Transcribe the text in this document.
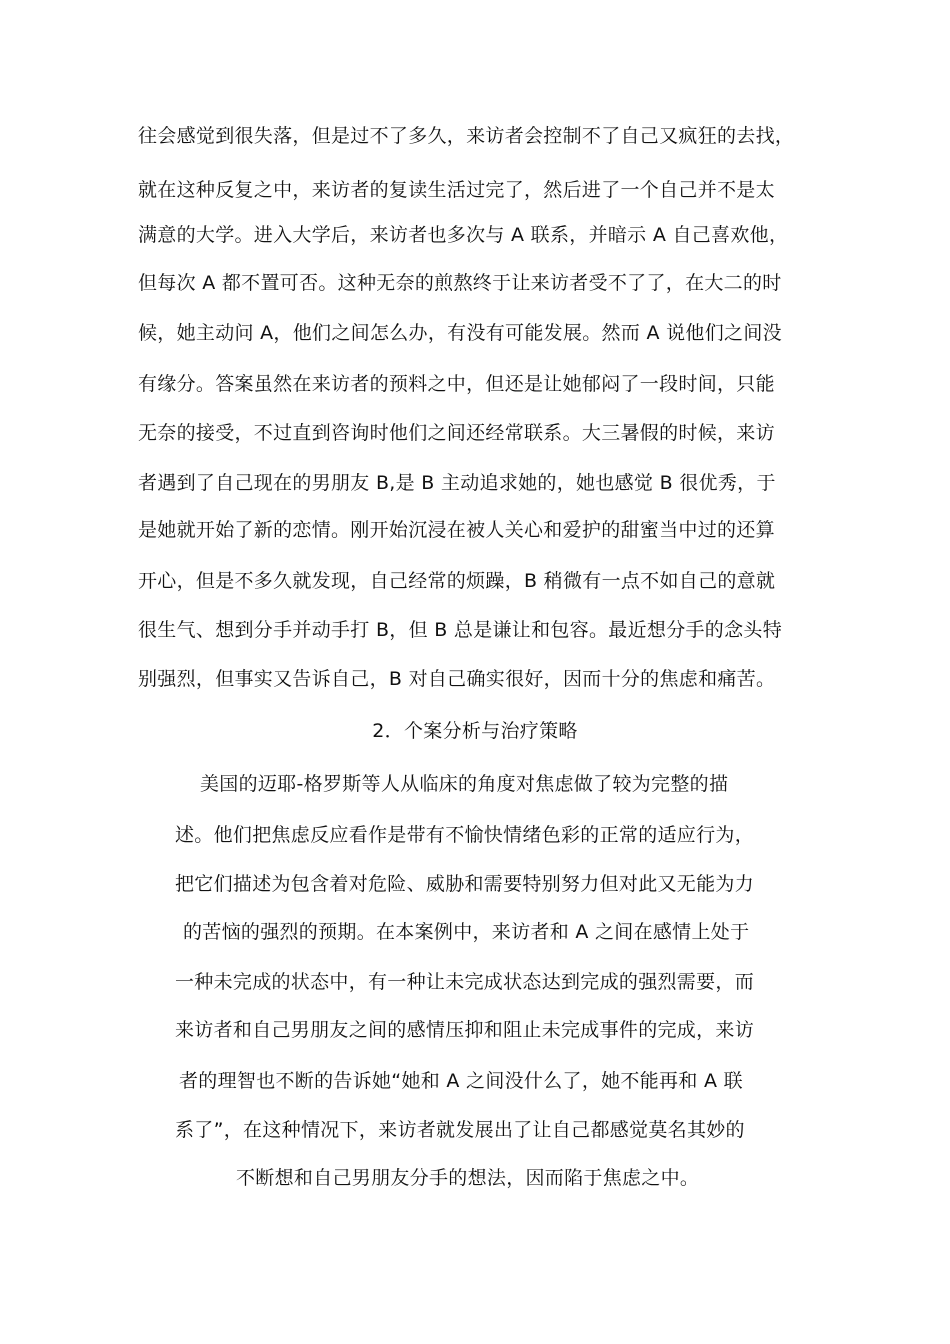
往会感觉到很失落，但是过不了多久，来访者会控制不了自己又疯狂的去找，
就在这种反复之中，来访者的复读生活过完了，然后进了一个自己并不是太
满意的大学。进入大学后，来访者也多次与 A 联系，并暗示 A 自己喜欢他，
但每次 A 都不置可否。这种无奈的煎熬终于让来访者受不了了，在大二的时
候，她主动问 A，他们之间怎么办，有没有可能发展。然而 A 说他们之间没
有缘分。答案虽然在来访者的预料之中，但还是让她郁闷了一段时间，只能
无奈的接受，不过直到咨询时他们之间还经常联系。大三暑假的时候，来访
者遇到了自己现在的男朋友 B,是 B 主动追求她的，她也感觉 B 很优秀，于
是她就开始了新的恋情。刚开始沉浸在被人关心和爱护的甜蜜当中过的还算
开心，但是不多久就发现，自己经常的烦躁，B 稍微有一点不如自己的意就
很生气、想到分手并动手打 B，但 B 总是谦让和包容。最近想分手的念头特
别强烈，但事实又告诉自己，B 对自己确实很好，因而十分的焦虑和痛苦。
2．个案分析与治疗策略
美国的迈耶-格罗斯等人从临床的角度对焦虑做了较为完整的描
述。他们把焦虑反应看作是带有不愉快情绪色彩的正常的适应行为，
把它们描述为包含着对危险、威胁和需要特别努力但对此又无能为力
的苦恼的强烈的预期。在本案例中，来访者和 A 之间在感情上处于
一种未完成的状态中，有一种让未完成状态达到完成的强烈需要，而
来访者和自己男朋友之间的感情压抑和阻止未完成事件的完成，来访
者的理智也不断的告诉她“她和 A 之间没什么了，她不能再和 A 联
系了”，在这种情况下，来访者就发展出了让自己都感觉莫名其妙的
不断想和自己男朋友分手的想法，因而陷于焦虑之中。
